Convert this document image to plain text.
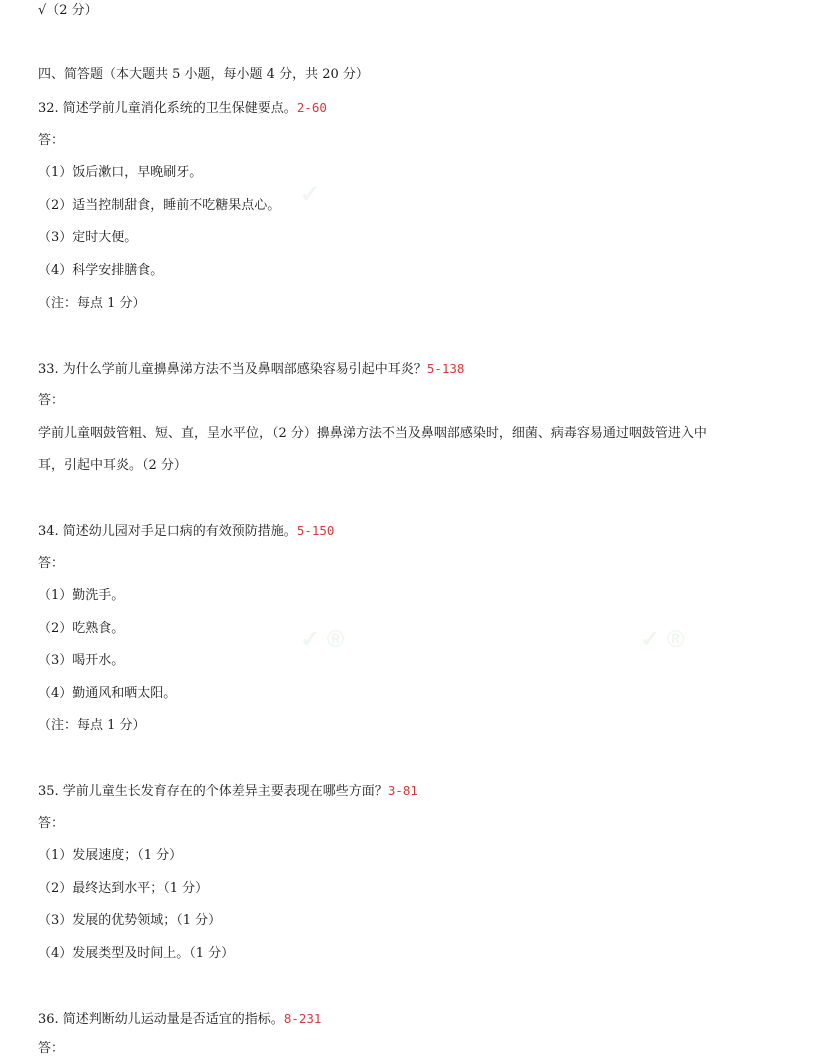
✓
✓ ®	✓ ®
√（2 分）
四、简答题（本大题共 5 小题，每小题 4 分，共 20 分）
32. 简述学前儿童消化系统的卫生保健要点。2-60
答：
（1）饭后漱口，早晚刷牙。
（2）适当控制甜食，睡前不吃糖果点心。
（3）定时大便。
（4）科学安排膳食。
（注：每点 1 分）
33. 为什么学前儿童擤鼻涕方法不当及鼻咽部感染容易引起中耳炎？5-138
答：
学前儿童咽鼓管粗、短、直，呈水平位，（2 分）擤鼻涕方法不当及鼻咽部感染时，细菌、病毒容易通过咽鼓管进入中
耳，引起中耳炎。（2 分）
34. 简述幼儿园对手足口病的有效预防措施。5-150
答：
（1）勤洗手。
（2）吃熟食。
（3）喝开水。
（4）勤通风和晒太阳。
（注：每点 1 分）
35. 学前儿童生长发育存在的个体差异主要表现在哪些方面？3-81
答：
（1）发展速度；（1 分）
（2）最终达到水平；（1 分）
（3）发展的优势领域；（1 分）
（4）发展类型及时间上。（1 分）
36. 简述判断幼儿运动量是否适宜的指标。8-231
答：
